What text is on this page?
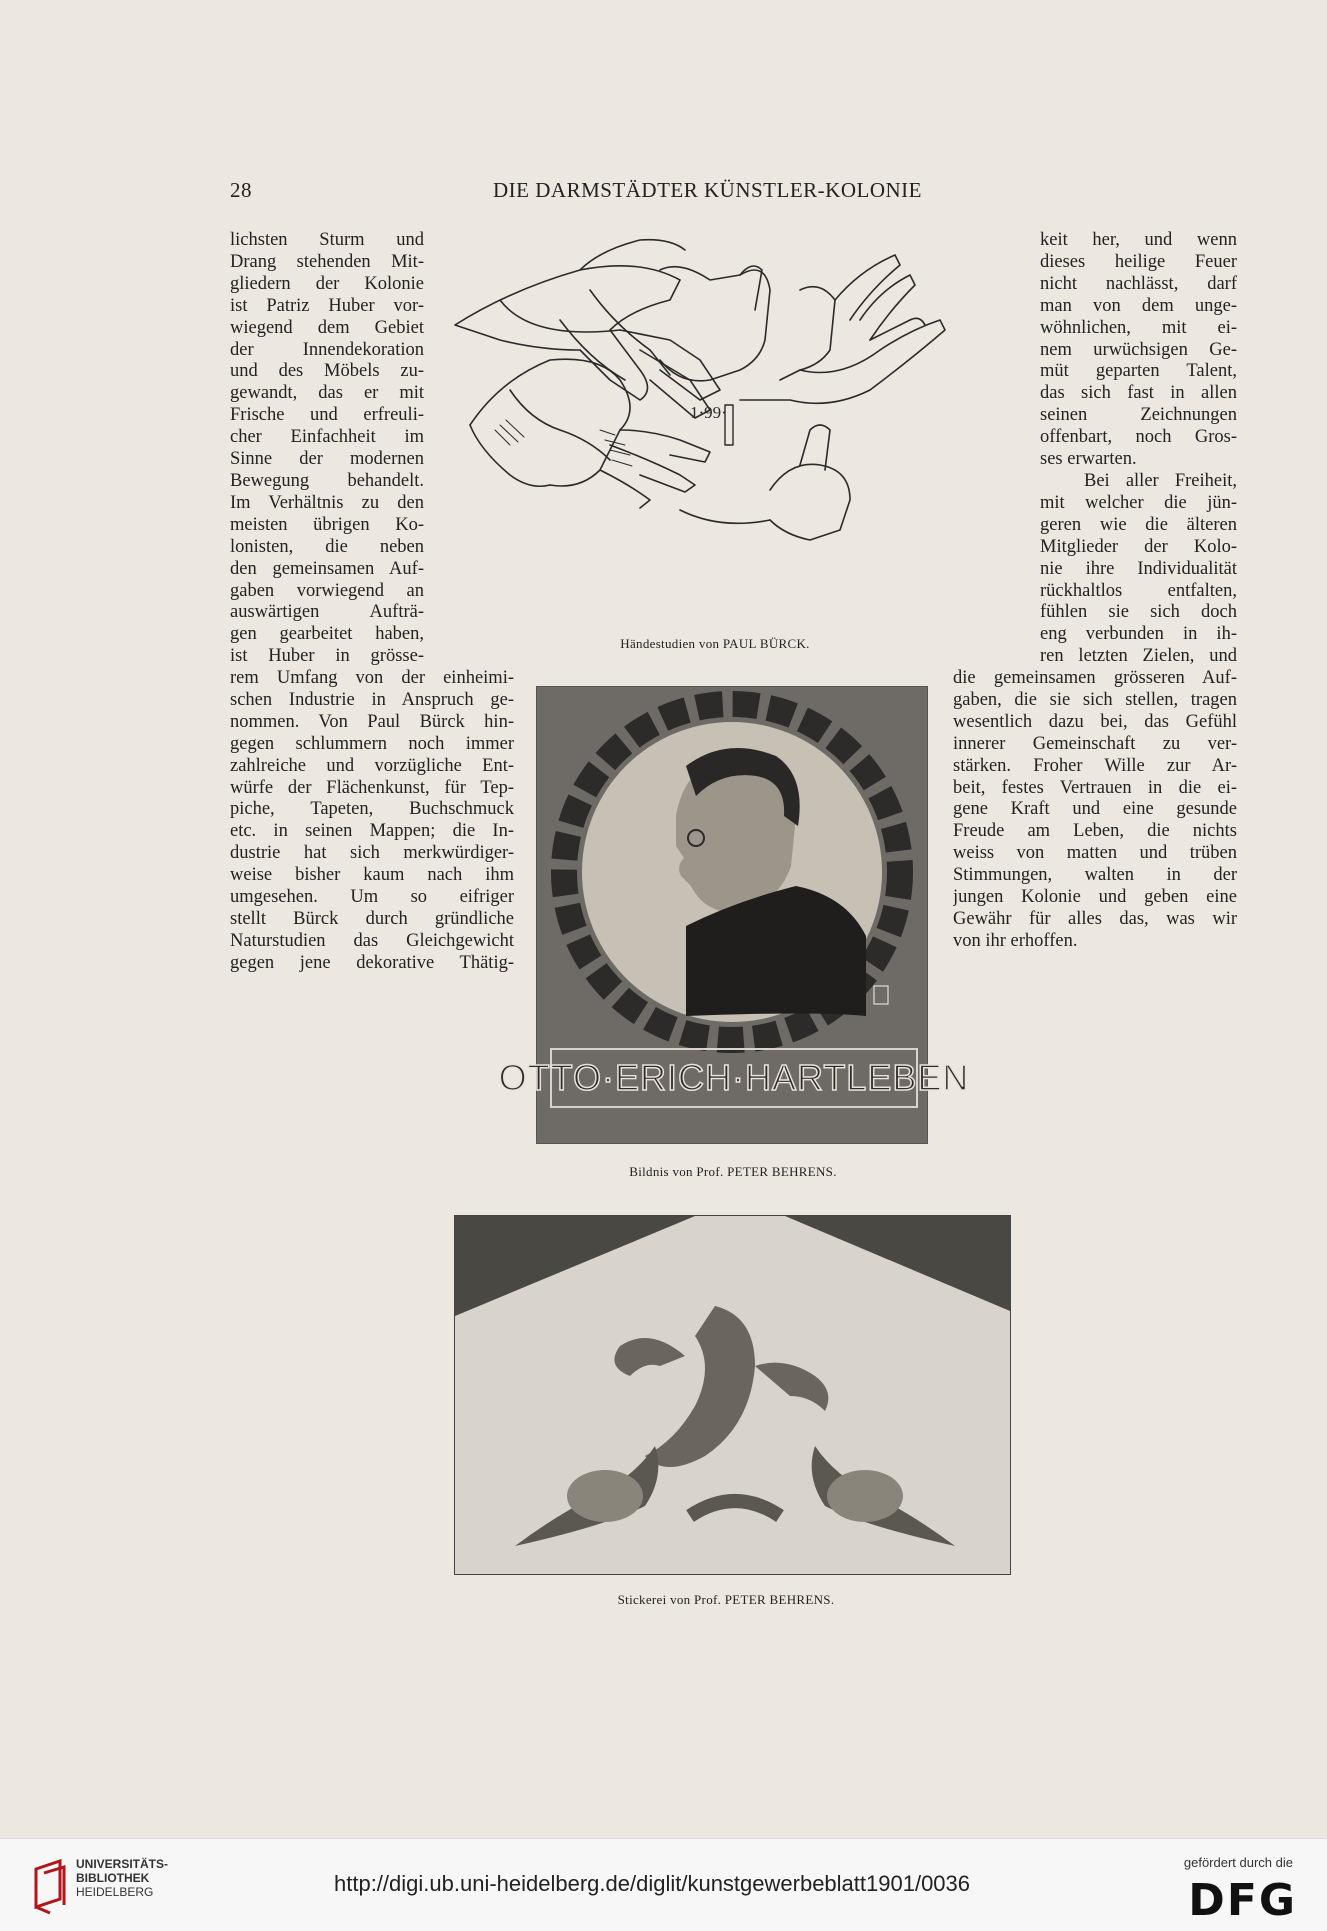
28	DIE DARMSTÄDTER KÜNSTLER-KOLONIE
lichsten Sturm und
Drang stehenden Mit-
gliedern der Kolonie
ist Patriz Huber vor-
wiegend dem Gebiet
der Innendekoration
und des Möbels zu-
gewandt, das er mit
Frische und erfreuli-
cher Einfachheit im
Sinne der modernen
Bewegung behandelt.
Im Verhältnis zu den
meisten übrigen Ko-
lonisten, die neben
den gemeinsamen Auf-
gaben vorwiegend an
auswärtigen Aufträ-
gen gearbeitet haben,
ist Huber in grösse-
rem Umfang von der einheimi-
schen Industrie in Anspruch ge-
nommen. Von Paul Bürck hin-
gegen schlummern noch immer
zahlreiche und vorzügliche Ent-
würfe der Flächenkunst, für Tep-
piche, Tapeten, Buchschmuck
etc. in seinen Mappen; die In-
dustrie hat sich merkwürdiger-
weise bisher kaum nach ihm
umgesehen. Um so eifriger
stellt Bürck durch gründliche
Naturstudien das Gleichgewicht
gegen jene dekorative Thätig-
keit her, und wenn
dieses heilige Feuer
nicht nachlässt, darf
man von dem unge-
wöhnlichen, mit ei-
nem urwüchsigen Ge-
müt geparten Talent,
das sich fast in allen
seinen Zeichnungen
offenbart, noch Gros-
ses erwarten.
Bei aller Freiheit,
mit welcher die jün-
geren wie die älteren
Mitglieder der Kolo-
nie ihre Individualität
rückhaltlos entfalten,
fühlen sie sich doch
eng verbunden in ih-
ren letzten Zielen, und
die gemeinsamen grösseren Auf-
gaben, die sie sich stellen, tragen
wesentlich dazu bei, das Gefühl
innerer Gemeinschaft zu ver-
stärken. Froher Wille zur Ar-
beit, festes Vertrauen in die ei-
gene Kraft und eine gesunde
Freude am Leben, die nichts
weiss von matten und trüben
Stimmungen, walten in der
jungen Kolonie und geben eine
Gewähr für alles das, was wir
von ihr erhoffen.
1·99·
Händestudien von PAUL BÜRCK.
OTTO·ERICH·HARTLEBEN
Bildnis von Prof. PETER BEHRENS.
Stickerei von Prof. PETER BEHRENS.
UNIVERSITÄTS-
BIBLIOTHEK
HEIDELBERG	http://digi.ub.uni-heidelberg.de/diglit/kunstgewerbeblatt1901/0036
gefördert durch die
DFG
